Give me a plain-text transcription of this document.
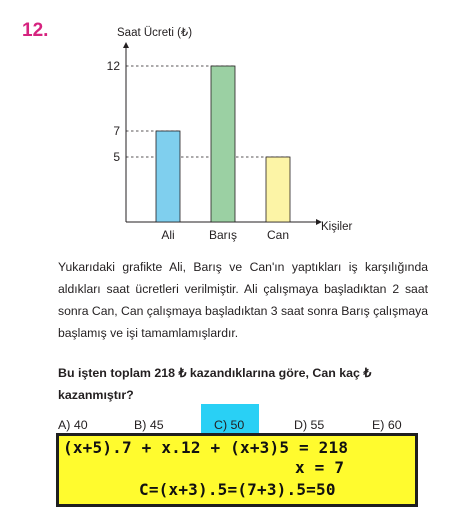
12.	Saat Ücreti (₺)
Kişiler
5
7
12
Ali	Barış Can
Yukarıdaki grafikte Ali, Barış ve Can'ın yaptıkları iş karşılığında aldıkları saat ücretleri verilmiştir. Ali çalışmaya başladıktan 2 saat sonra Can, Can çalışmaya başladıktan 3 saat sonra Barış çalışmaya başlamış ve işi tamamlamışlardır.
Bu işten toplam 218 ₺ kazandıklarına göre, Can kaç ₺ kazanmıştır?
A) 40	B) 45	C) 50	D) 55	E) 60
(x+5).7 + x.12 + (x+3)5 = 218
x = 7
C=(x+3).5=(7+3).5=50
